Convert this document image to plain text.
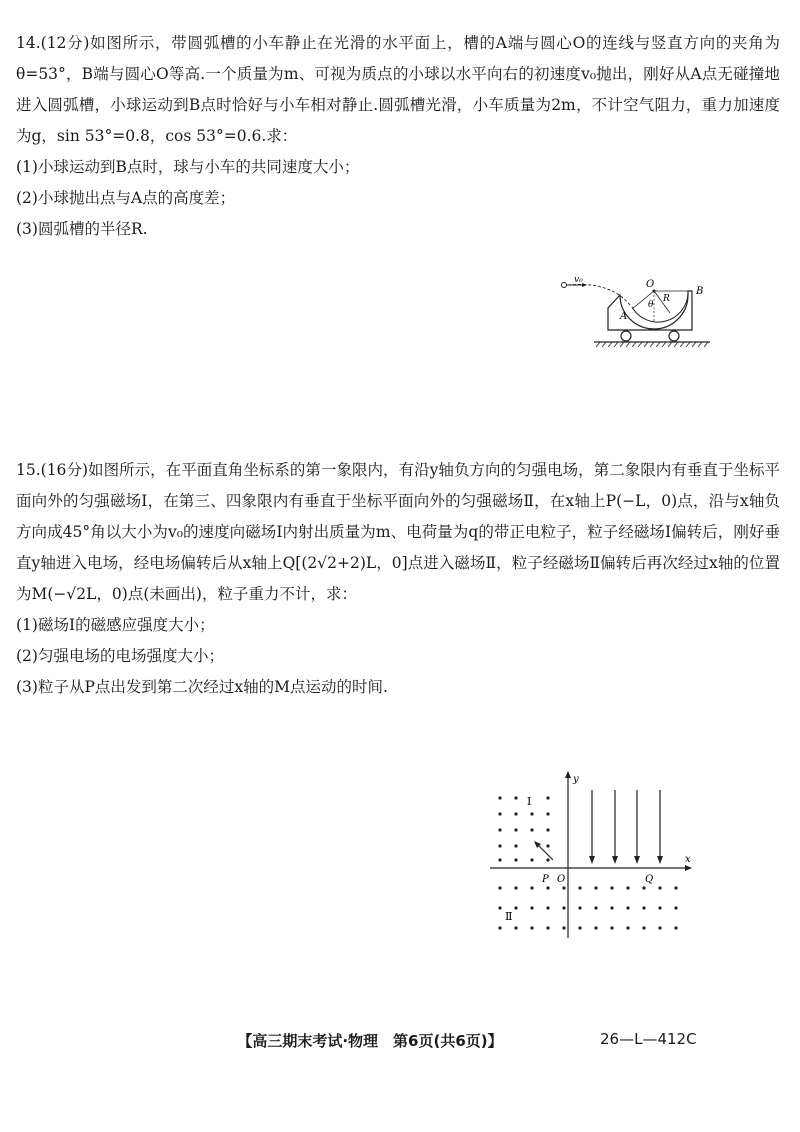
14.(12分)如图所示，带圆弧槽的小车静止在光滑的水平面上，槽的A端与圆心O的连线与竖直方向的夹角为θ=53°，B端与圆心O等高.一个质量为m、可视为质点的小球以水平向右的初速度v₀抛出，刚好从A点无碰撞地进入圆弧槽，小球运动到B点时恰好与小车相对静止.圆弧槽光滑，小车质量为2m，不计空气阻力，重力加速度为g，sin 53°=0.8，cos 53°=0.6.求：

(1)小球运动到B点时，球与小车的共同速度大小；

(2)小球抛出点与A点的高度差；

(3)圆弧槽的半径R.

v₀	O
B
A
θ
R

15.(16分)如图所示，在平面直角坐标系的第一象限内，有沿y轴负方向的匀强电场，第二象限内有垂直于坐标平面向外的匀强磁场Ⅰ，在第三、四象限内有垂直于坐标平面向外的匀强磁场Ⅱ，在x轴上P(−L，0)点，沿与x轴负方向成45°角以大小为v₀的速度向磁场Ⅰ内射出质量为m、电荷量为q的带正电粒子，粒子经磁场Ⅰ偏转后，刚好垂直y轴进入电场，经电场偏转后从x轴上Q[(2√2+2)L，0]点进入磁场Ⅱ，粒子经磁场Ⅱ偏转后再次经过x轴的位置为M(−√2L，0)点(未画出)，粒子重力不计，求：

(1)磁场Ⅰ的磁感应强度大小；

(2)匀强电场的电场强度大小；

(3)粒子从P点出发到第二次经过x轴的M点运动的时间.

x
y
Ⅰ
P O	Q
Ⅱ
【高三期末考试·物理　第6页(共6页)】	26—L—412C
